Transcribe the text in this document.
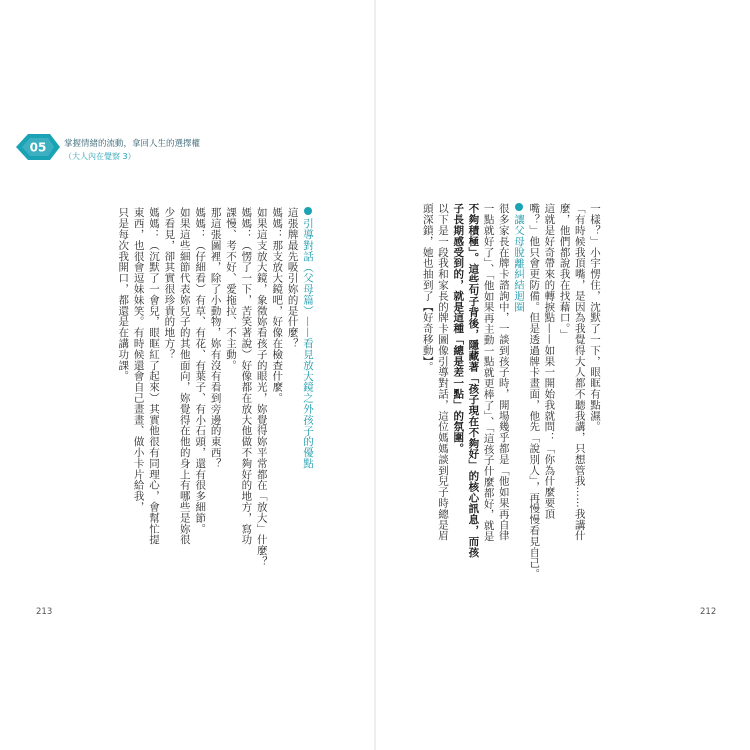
05 掌握情緒的流動，拿回人生的選擇權
（大人內在覺察 3）
一樣？」小宇愣住，沈默了一下，眼眶有點濕。
「有時候我頂嘴，是因為我覺得大人都不聽我講，只想管我……我講什
麼，他們都說我在找藉口。」
這就是好奇帶來的轉捩點——如果一開始我就問：「你為什麼要頂
嘴？」他只會更防備。但是透過牌卡畫面，他先「說別人」，再慢慢看見自己。
讓父母脫離糾結迴圈
很多家長在牌卡諮詢中，一談到孩子時，開場幾乎都是「他如果再自律
一點就好了」、「他如果再主動一點就更棒了」、「這孩子什麼都好，就是
不夠積極」。這些句子背後，隱藏著「孩子現在不夠好」的核心訊息，而孩
子長期感受到的，就是這種「總是差一點」的氛圍。
以下是一段我和家長的牌卡圖像引導對話，這位媽媽談到兒子時總是眉
頭深鎖，她也抽到了【好奇移動】。
212
引導對話（父母篇）——看見放大鏡之外孩子的優點
這張牌最先吸引妳的是什麼？
媽媽：那支放大鏡吧，好像在檢查什麼。
如果這支放大鏡，象徵妳看孩子的眼光，妳覺得妳平常都在「放大」什麼？
媽媽：（愣了一下，苦笑著說）好像都在放大他做不夠好的地方，寫功
課慢、考不好、愛拖拉、不主動。
那這張圖裡，除了小動物，妳有沒有看到旁邊的東西？
媽媽：（仔細看）有草、有花、有葉子、有小石頭，還有很多細節。
如果這些細節代表妳兒子的其他面向，妳覺得在他的身上有哪些是妳很
少看見，卻其實很珍貴的地方？
媽媽：（沉默了一會兒，眼眶紅了起來）其實他很有同理心，會幫忙提
東西，也很會逗妹妹笑。有時候還會自己畫畫、做小卡片給我，
只是每次我開口，都還是在講功課。
213
